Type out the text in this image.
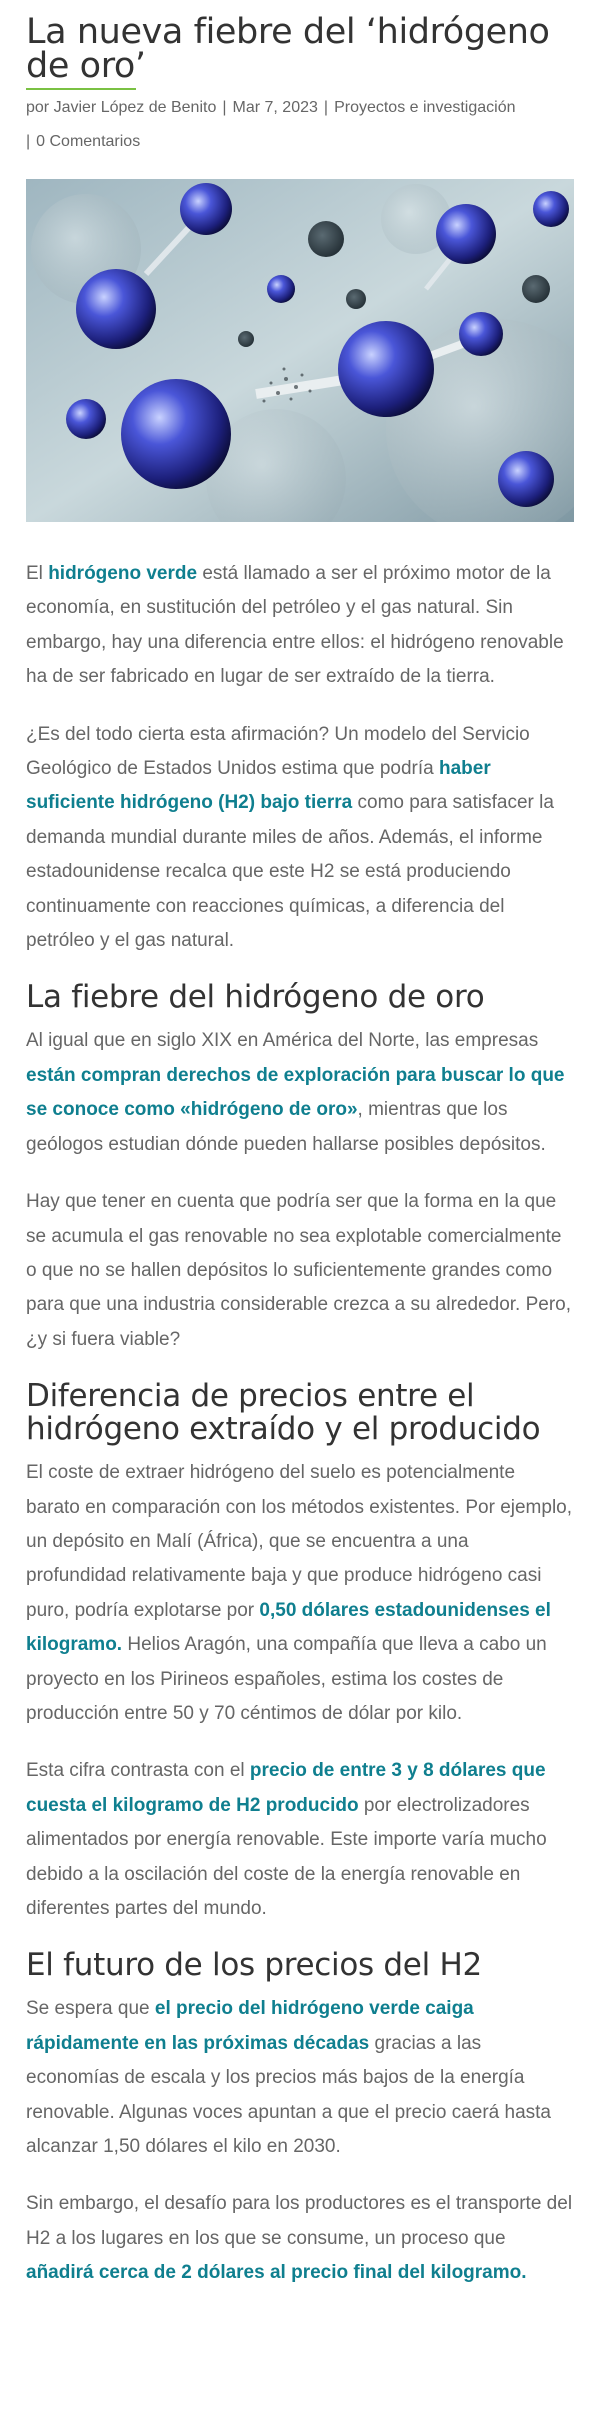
La nueva fiebre del ‘hidrógeno de oro’
por Javier López de Benito | Mar 7, 2023 | Proyectos e investigación
| 0 Comentarios

El hidrógeno verde está llamado a ser el próximo motor de la economía, en sustitución del petróleo y el gas natural. Sin embargo, hay una diferencia entre ellos: el hidrógeno renovable ha de ser fabricado en lugar de ser extraído de la tierra.

¿Es del todo cierta esta afirmación? Un modelo del Servicio Geológico de Estados Unidos estima que podría haber suficiente hidrógeno (H2) bajo tierra como para satisfacer la demanda mundial durante miles de años. Además, el informe estadounidense recalca que este H2 se está produciendo continuamente con reacciones químicas, a diferencia del petróleo y el gas natural.

La fiebre del hidrógeno de oro

Al igual que en siglo XIX en América del Norte, las empresas están compran derechos de exploración para buscar lo que se conoce como «hidrógeno de oro», mientras que los geólogos estudian dónde pueden hallarse posibles depósitos.

Hay que tener en cuenta que podría ser que la forma en la que se acumula el gas renovable no sea explotable comercialmente o que no se hallen depósitos lo suficientemente grandes como para que una industria considerable crezca a su alrededor. Pero, ¿y si fuera viable?

Diferencia de precios entre el hidrógeno extraído y el producido

El coste de extraer hidrógeno del suelo es potencialmente barato en comparación con los métodos existentes. Por ejemplo, un depósito en Malí (África), que se encuentra a una profundidad relativamente baja y que produce hidrógeno casi puro, podría explotarse por 0,50 dólares estadounidenses el kilogramo. Helios Aragón, una compañía que lleva a cabo un proyecto en los Pirineos españoles, estima los costes de producción entre 50 y 70 céntimos de dólar por kilo.

Esta cifra contrasta con el precio de entre 3 y 8 dólares que cuesta el kilogramo de H2 producido por electrolizadores alimentados por energía renovable. Este importe varía mucho debido a la oscilación del coste de la energía renovable en diferentes partes del mundo.

El futuro de los precios del H2

Se espera que el precio del hidrógeno verde caiga rápidamente en las próximas décadas gracias a las economías de escala y los precios más bajos de la energía renovable. Algunas voces apuntan a que el precio caerá hasta alcanzar 1,50 dólares el kilo en 2030.

Sin embargo, el desafío para los productores es el transporte del H2 a los lugares en los que se consume, un proceso que añadirá cerca de 2 dólares al precio final del kilogramo.
